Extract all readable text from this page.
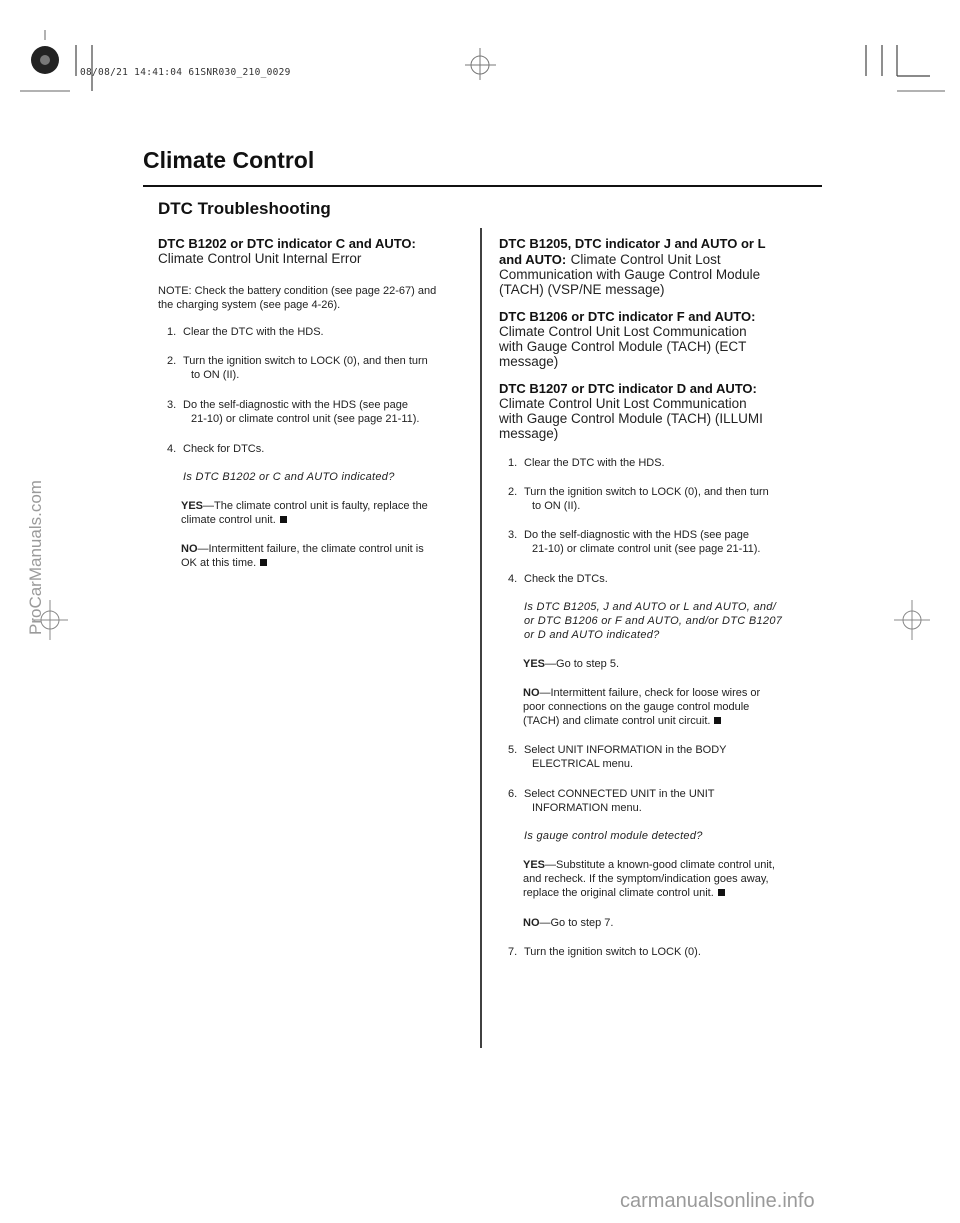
08/08/21 14:41:04 61SNR030_210_0029
Climate Control
DTC Troubleshooting
DTC B1202 or DTC indicator C and AUTO:
Climate Control Unit Internal Error
NOTE: Check the battery condition (see page 22-67) and
the charging system (see page 4-26).
1. Clear the DTC with the HDS.
2. Turn the ignition switch to LOCK (0), and then turn
to ON (II).
3. Do the self-diagnostic with the HDS (see page
21-10) or climate control unit (see page 21-11).
4. Check for DTCs.
Is DTC B1202 or C and AUTO indicated?
YES—The climate control unit is faulty, replace the
climate control unit.
NO—Intermittent failure, the climate control unit is
OK at this time.
DTC B1205, DTC indicator J and AUTO or L
and AUTO: Climate Control Unit Lost
Communication with Gauge Control Module
(TACH) (VSP/NE message)
DTC B1206 or DTC indicator F and AUTO:
Climate Control Unit Lost Communication
with Gauge Control Module (TACH) (ECT
message)
DTC B1207 or DTC indicator D and AUTO:
Climate Control Unit Lost Communication
with Gauge Control Module (TACH) (ILLUMI
message)
1. Clear the DTC with the HDS.
2. Turn the ignition switch to LOCK (0), and then turn
to ON (II).
3. Do the self-diagnostic with the HDS (see page
21-10) or climate control unit (see page 21-11).
4. Check the DTCs.
Is DTC B1205, J and AUTO or L and AUTO, and/
or DTC B1206 or F and AUTO, and/or DTC B1207
or D and AUTO indicated?
YES—Go to step 5.
NO—Intermittent failure, check for loose wires or
poor connections on the gauge control module
(TACH) and climate control unit circuit.
5. Select UNIT INFORMATION in the BODY
ELECTRICAL menu.
6. Select CONNECTED UNIT in the UNIT
INFORMATION menu.
Is gauge control module detected?
YES—Substitute a known-good climate control unit,
and recheck. If the symptom/indication goes away,
replace the original climate control unit.
NO—Go to step 7.
7. Turn the ignition switch to LOCK (0).
ProCarManuals.com
carmanualsonline.info
